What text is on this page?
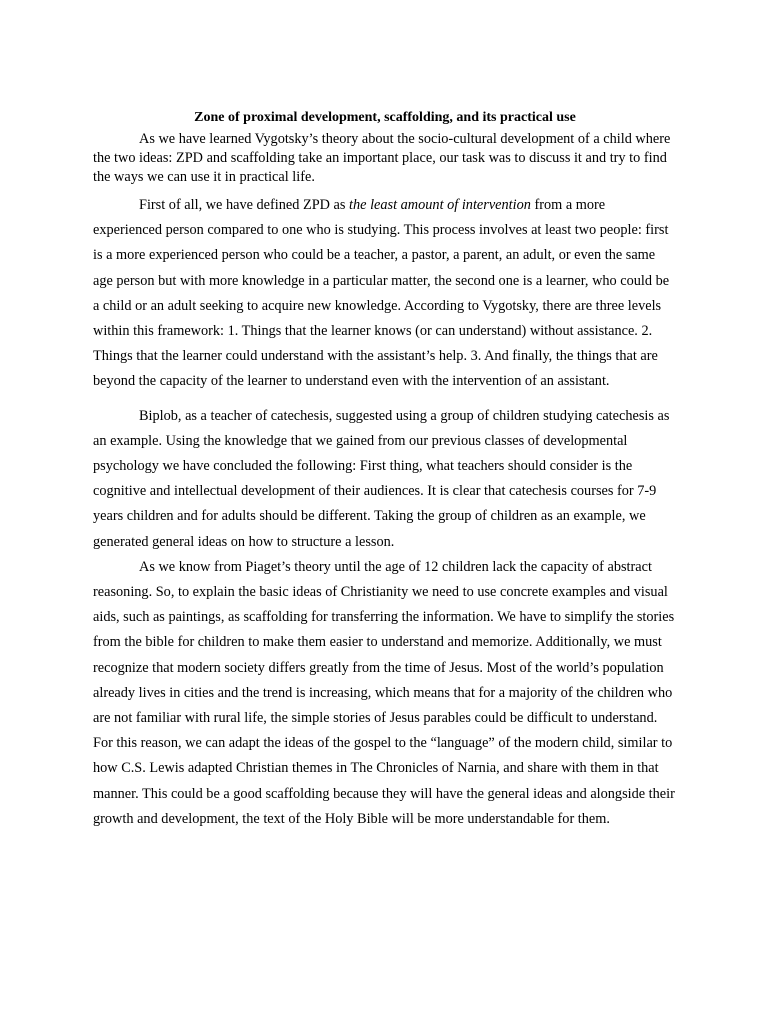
Zone of proximal development, scaffolding, and its practical use

As we have learned Vygotsky’s theory about the socio-cultural development of a child where the two ideas: ZPD and scaffolding take an important place, our task was to discuss it and try to find the ways we can use it in practical life.

First of all, we have defined ZPD as the least amount of intervention from a more experienced person compared to one who is studying. This process involves at least two people: first is a more experienced person who could be a teacher, a pastor, a parent, an adult, or even the same age person but with more knowledge in a particular matter, the second one is a learner, who could be a child or an adult seeking to acquire new knowledge. According to Vygotsky, there are three levels within this framework: 1. Things that the learner knows (or can understand) without assistance. 2. Things that the learner could understand with the assistant’s help. 3. And finally, the things that are beyond the capacity of the learner to understand even with the intervention of an assistant.

Biplob, as a teacher of catechesis, suggested using a group of children studying catechesis as an example. Using the knowledge that we gained from our previous classes of developmental psychology we have concluded the following: First thing, what teachers should consider is the cognitive and intellectual development of their audiences. It is clear that catechesis courses for 7-9 years children and for adults should be different. Taking the group of children as an example, we generated general ideas on how to structure a lesson.

As we know from Piaget’s theory until the age of 12 children lack the capacity of abstract reasoning. So, to explain the basic ideas of Christianity we need to use concrete examples and visual aids, such as paintings, as scaffolding for transferring the information. We have to simplify the stories from the bible for children to make them easier to understand and memorize. Additionally, we must recognize that modern society differs greatly from the time of Jesus. Most of the world’s population already lives in cities and the trend is increasing, which means that for a majority of the children who are not familiar with rural life, the simple stories of Jesus parables could be difficult to understand. For this reason, we can adapt the ideas of the gospel to the “language” of the modern child, similar to how C.S. Lewis adapted Christian themes in The Chronicles of Narnia, and share with them in that manner. This could be a good scaffolding because they will have the general ideas and alongside their growth and development, the text of the Holy Bible will be more understandable for them.
